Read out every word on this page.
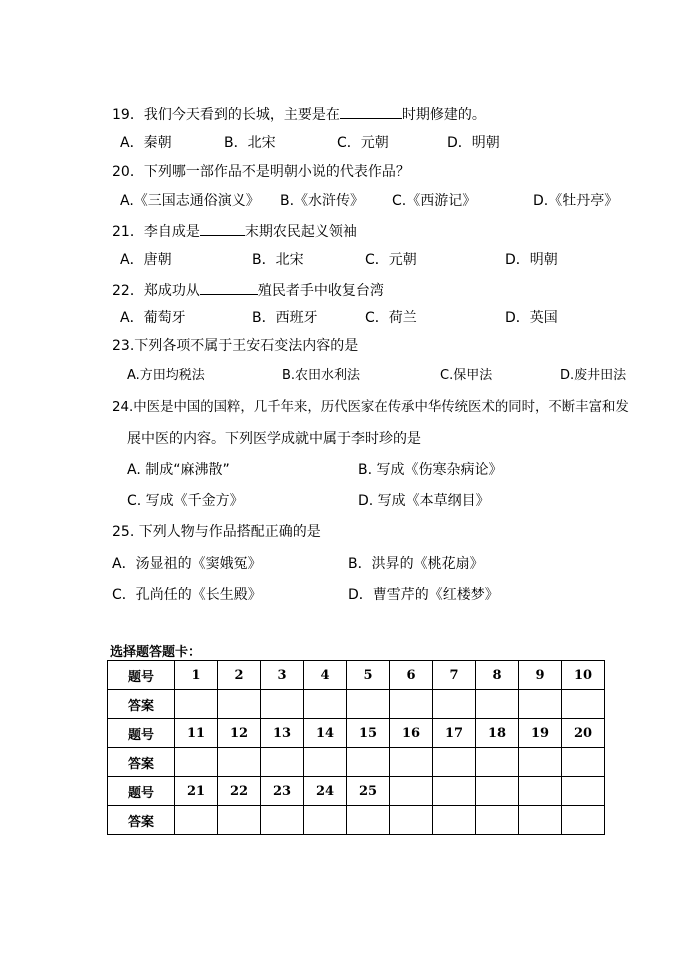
19．我们今天看到的长城，主要是在	时期修建的。
A．秦朝	B．北宋	C．元朝	D．明朝
20．下列哪一部作品不是明朝小说的代表作品？
A.《三国志通俗演义》 B.《水浒传》 C.《西游记》	D.《牡丹亭》
21．李自成是	末期农民起义领袖
A．唐朝	B．北宋	C．元朝	D．明朝
22．郑成功从	殖民者手中收复台湾
A．葡萄牙	B．西班牙	C．荷兰	D．英国
23.下列各项不属于王安石变法内容的是
A.方田均税法	B.农田水利法	C.保甲法	D.废井田法
24.中医是中国的国粹，几千年来，历代医家在传承中华传统医术的同时，不断丰富和发
展中医的内容。下列医学成就中属于李时珍的是
A. 制成“麻沸散”	B. 写成《伤寒杂病论》
C. 写成《千金方》	D. 写成《本草纲目》
25. 下列人物与作品搭配正确的是
A．汤显祖的《窦娥冤》	B．洪昇的《桃花扇》
C．孔尚任的《长生殿》	D．曹雪芹的《红楼梦》
选择题答题卡：
题号	1	2	3	4	5	6	7	8	9	10
答案										
题号	11	12	13	14	15	16	17	18	19	20
答案										
题号	21	22	23	24	25					
答案										
